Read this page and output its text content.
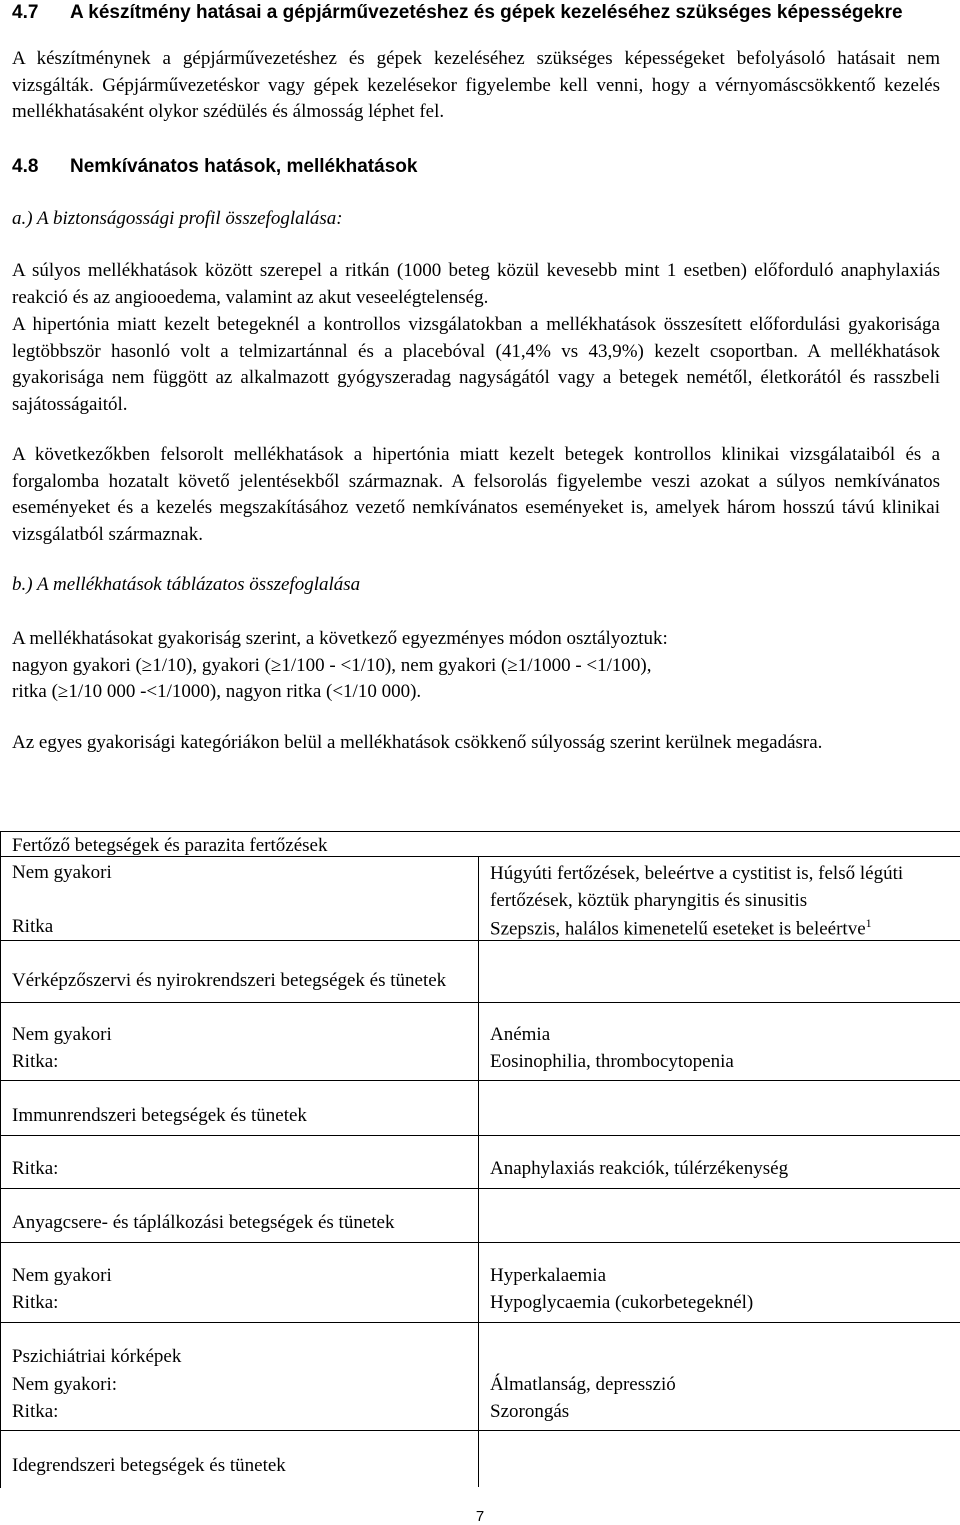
4.7 A készítmény hatásai a gépjárművezetéshez és gépek kezeléséhez szükséges képességekre
A készítménynek a gépjárművezetéshez és gépek kezeléséhez szükséges képességeket befolyásoló hatásait nem vizsgálták. Gépjárművezetéskor vagy gépek kezelésekor figyelembe kell venni, hogy a vérnyomáscsökkentő kezelés mellékhatásaként olykor szédülés és álmosság léphet fel.
4.8 Nemkívánatos hatások, mellékhatások
a.) A biztonságossági profil összefoglalása:
A súlyos mellékhatások között szerepel a ritkán (1000 beteg közül kevesebb mint 1 esetben) előforduló anaphylaxiás reakció és az angiooedema, valamint az akut veseelégtelenség.
A hipertónia miatt kezelt betegeknél a kontrollos vizsgálatokban a mellékhatások összesített előfordulási gyakorisága legtöbbször hasonló volt a telmizartánnal és a placebóval (41,4% vs 43,9%) kezelt csoportban. A mellékhatások gyakorisága nem függött az alkalmazott gyógyszeradag nagyságától vagy a betegek nemétől, életkorától és rasszbeli sajátosságaitól.
A következőkben felsorolt mellékhatások a hipertónia miatt kezelt betegek kontrollos klinikai vizsgálataiból és a forgalomba hozatalt követő jelentésekből származnak. A felsorolás figyelembe veszi azokat a súlyos nemkívánatos eseményeket és a kezelés megszakításához vezető nemkívánatos eseményeket is, amelyek három hosszú távú klinikai vizsgálatból származnak.
b.) A mellékhatások táblázatos összefoglalása
A mellékhatásokat gyakoriság szerint, a következő egyezményes módon osztályoztuk:
nagyon gyakori (≥1/10), gyakori (≥1/100 - <1/10), nem gyakori (≥1/1000 - <1/100),
ritka (≥1/10 000 -<1/1000), nagyon ritka (<1/10 000).
Az egyes gyakorisági kategóriákon belül a mellékhatások csökkenő súlyosság szerint kerülnek megadásra.
Fertőző betegségek és parazita fertőzések
Nem gyakori	Húgyúti fertőzések, beleértve a cystitist is, felső légúti fertőzések, köztük pharyngitis és sinusitis
Ritka	Szepszis, halálos kimenetelű eseteket is beleértve$^1$
Vérképzőszervi és nyirokrendszeri betegségek és tünetek
Nem gyakori	Anémia
Ritka:	Eosinophilia, thrombocytopenia
Immunrendszeri betegségek és tünetek
Ritka:	Anaphylaxiás reakciók, túlérzékenység
Anyagcsere- és táplálkozási betegségek és tünetek
Nem gyakori	Hyperkalaemia
Ritka:	Hypoglycaemia (cukorbetegeknél)
Pszichiátriai kórképek
Nem gyakori:	Álmatlanság, depresszió
Ritka:	Szorongás
Idegrendszeri betegségek és tünetek
7
